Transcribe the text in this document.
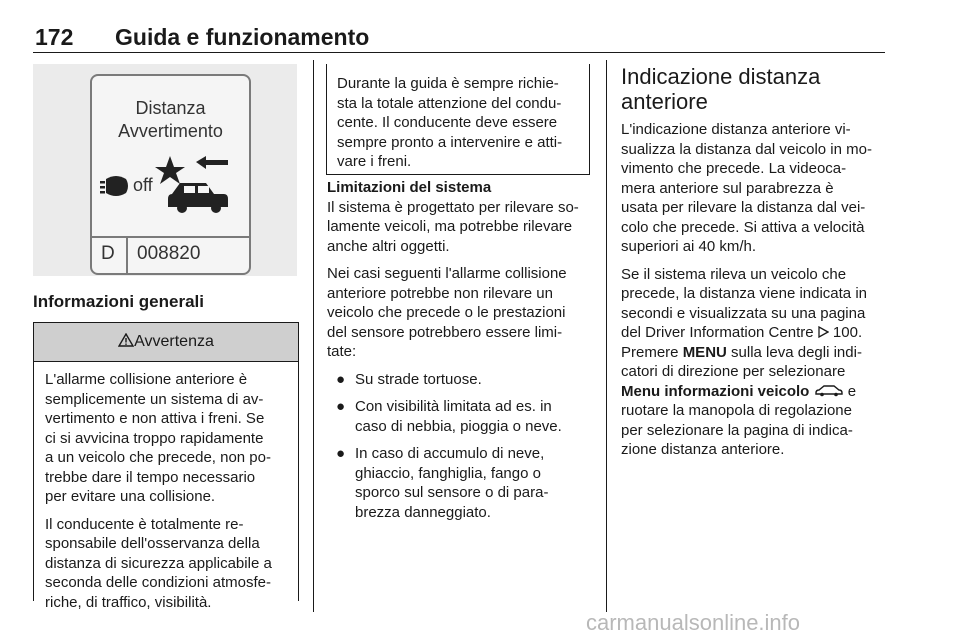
172 Guida e funzionamento
Distanza
Avvertimento
off
D 008820
Informazioni generali
Avvertenza

L'allarme collisione anteriore è
semplicemente un sistema di av-
vertimento e non attiva i freni. Se
ci si avvicina troppo rapidamente
a un veicolo che precede, non po-
trebbe dare il tempo necessario
per evitare una collisione.

Il conducente è totalmente re-
sponsabile dell'osservanza della
distanza di sicurezza applicabile a
seconda delle condizioni atmosfe-
riche, di traffico, visibilità.

Durante la guida è sempre richie-
sta la totale attenzione del condu-
cente. Il conducente deve essere
sempre pronto a intervenire e atti-
vare i freni.

Limitazioni del sistema

Il sistema è progettato per rilevare so-
lamente veicoli, ma potrebbe rilevare
anche altri oggetti.

Nei casi seguenti l'allarme collisione
anteriore potrebbe non rilevare un
veicolo che precede o le prestazioni
del sensore potrebbero essere limi-
tate:

● Su strade tortuose.
● Con visibilità limitata ad es. in
caso di nebbia, pioggia o neve.
● In caso di accumulo di neve,
ghiaccio, fanghiglia, fango o
sporco sul sensore o di para-
brezza danneggiato.
Indicazione distanza
anteriore

L'indicazione distanza anteriore vi-
sualizza la distanza dal veicolo in mo-
vimento che precede. La videoca-
mera anteriore sul parabrezza è
usata per rilevare la distanza dal vei-
colo che precede. Si attiva a velocità
superiori ai 40 km/h.

Se il sistema rileva un veicolo che
precede, la distanza viene indicata in
secondi e visualizzata su una pagina
del Driver Information Centre  100.
Premere MENU sulla leva degli indi-
catori di direzione per selezionare
Menu informazioni veicolo  e
ruotare la manopola di regolazione
per selezionare la pagina di indica-
zione distanza anteriore.

carmanualsonline.info
